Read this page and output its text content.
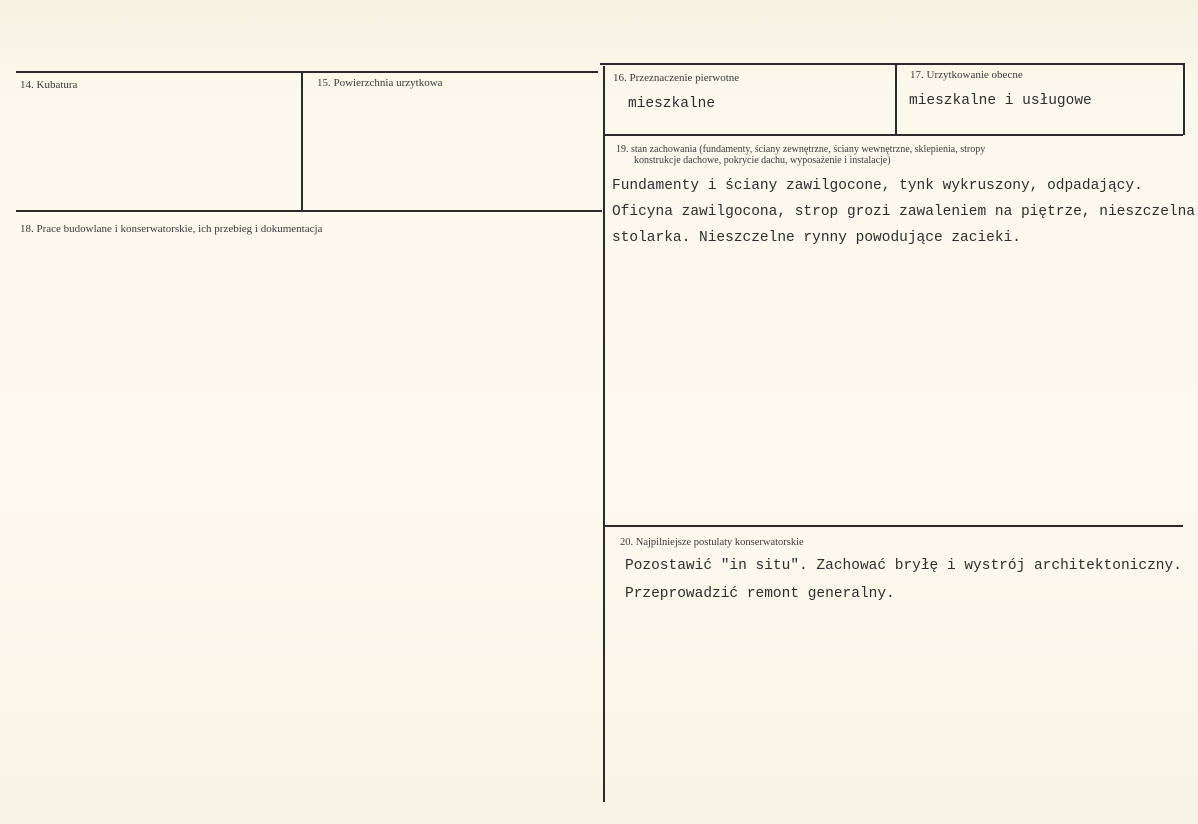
14. Kubatura	15. Powierzchnia urzytkowa	16. Przeznaczenie pierwotne
mieszkalne
17. Urzytkowanie obecne
mieszkalne i usługowe
18. Prace budowlane i konserwatorskie, ich przebieg i dokumentacja
19. stan zachowania (fundamenty, ściany zewnętrzne, ściany wewnętrzne, sklepienia, stropy
konstrukcje dachowe, pokrycie dachu, wyposażenie i instalacje)
Fundamenty i ściany zawilgocone, tynk wykruszony, odpadający.
Oficyna zawilgocona, strop grozi zawaleniem na piętrze, nieszczelna
stolarka. Nieszczelne rynny powodujące zacieki.
20. Najpilniejsze postulaty konserwatorskie
Pozostawić "in situ". Zachować bryłę i wystrój architektoniczny.
Przeprowadzić remont generalny.
